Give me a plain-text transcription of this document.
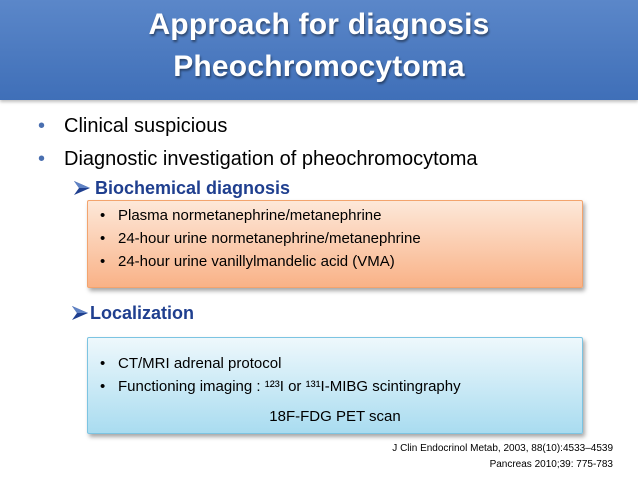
Approach for diagnosis
Pheochromocytoma
• Clinical suspicious
• Diagnostic investigation of pheochromocytoma
Biochemical diagnosis
• Plasma normetanephrine/metanephrine
• 24-hour urine normetanephrine/metanephrine
• 24-hour urine vanillylmandelic acid (VMA)
Localization
• CT/MRI adrenal protocol
• Functioning imaging : ¹²³I or ¹³¹I-MIBG scintingraphy
18F-FDG PET scan
J Clin Endocrinol Metab, 2003, 88(10):4533–4539
Pancreas 2010;39: 775-783
